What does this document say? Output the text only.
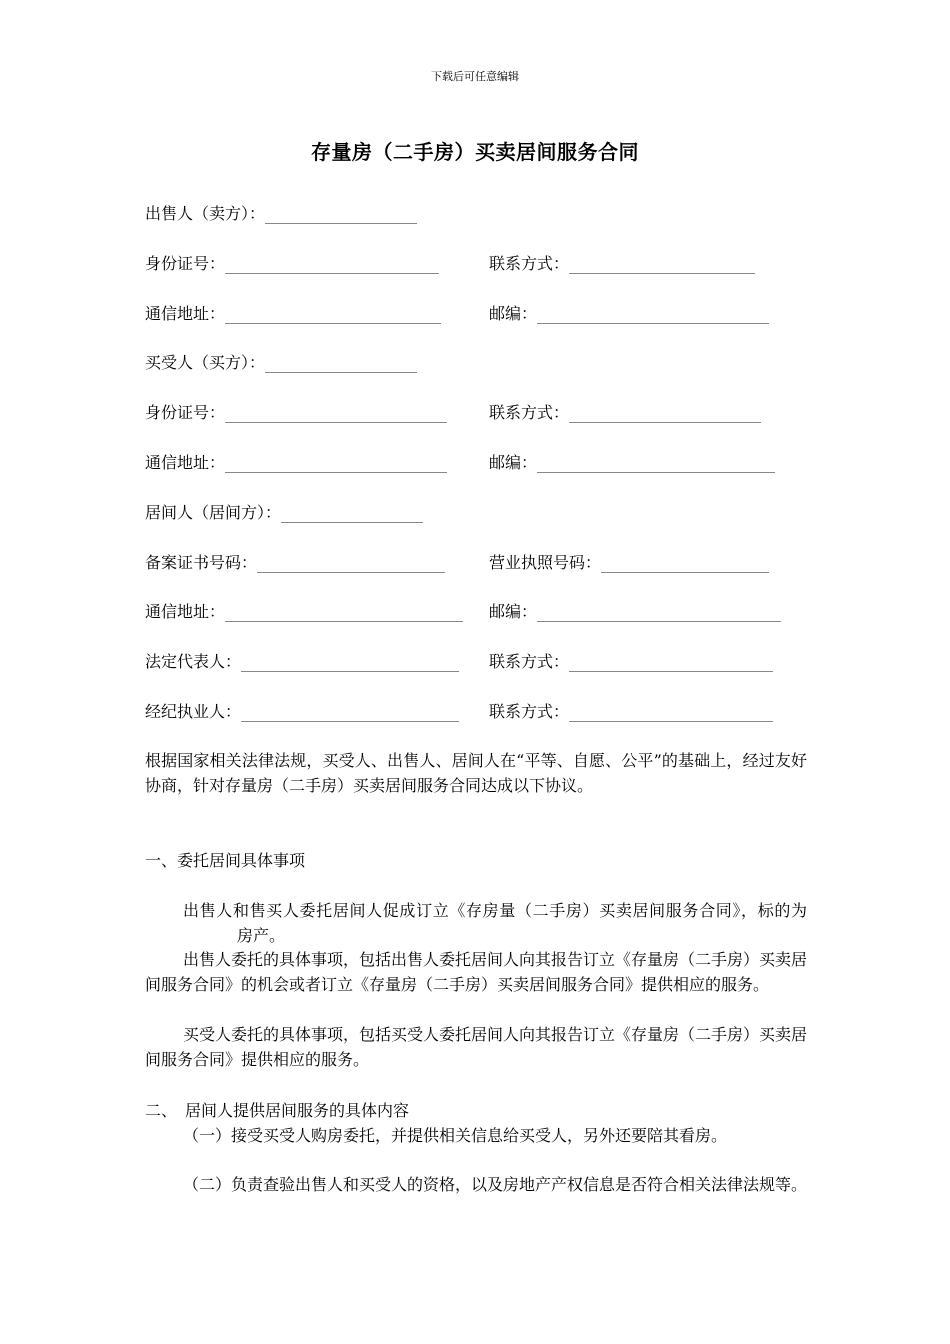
下载后可任意编辑
存量房（二手房）买卖居间服务合同
出售人（卖方）：
身份证号：	联系方式：
通信地址：	邮编：
买受人（买方）：
身份证号：	联系方式：
通信地址：	邮编：
居间人（居间方）：
备案证书号码：	营业执照号码：
通信地址：	邮编：
法定代表人：	联系方式：
经纪执业人：	联系方式：
根据国家相关法律法规，买受人、出售人、居间人在“平等、自愿、公平”的基础上，经过友好协商，针对存量房（二手房）买卖居间服务合同达成以下协议。
一、委托居间具体事项
出售人和售买人委托居间人促成订立《存房量（二手房）买卖居间服务合同》，标的为房产。
出售人委托的具体事项，包括出售人委托居间人向其报告订立《存量房（二手房）买卖居间服务合同》的机会或者订立《存量房（二手房）买卖居间服务合同》提供相应的服务。
买受人委托的具体事项，包括买受人委托居间人向其报告订立《存量房（二手房）买卖居间服务合同》提供相应的服务。
二、　居间人提供居间服务的具体内容
（一）接受买受人购房委托，并提供相关信息给买受人，另外还要陪其看房。
（二）负责查验出售人和买受人的资格，以及房地产产权信息是否符合相关法律法规等。
